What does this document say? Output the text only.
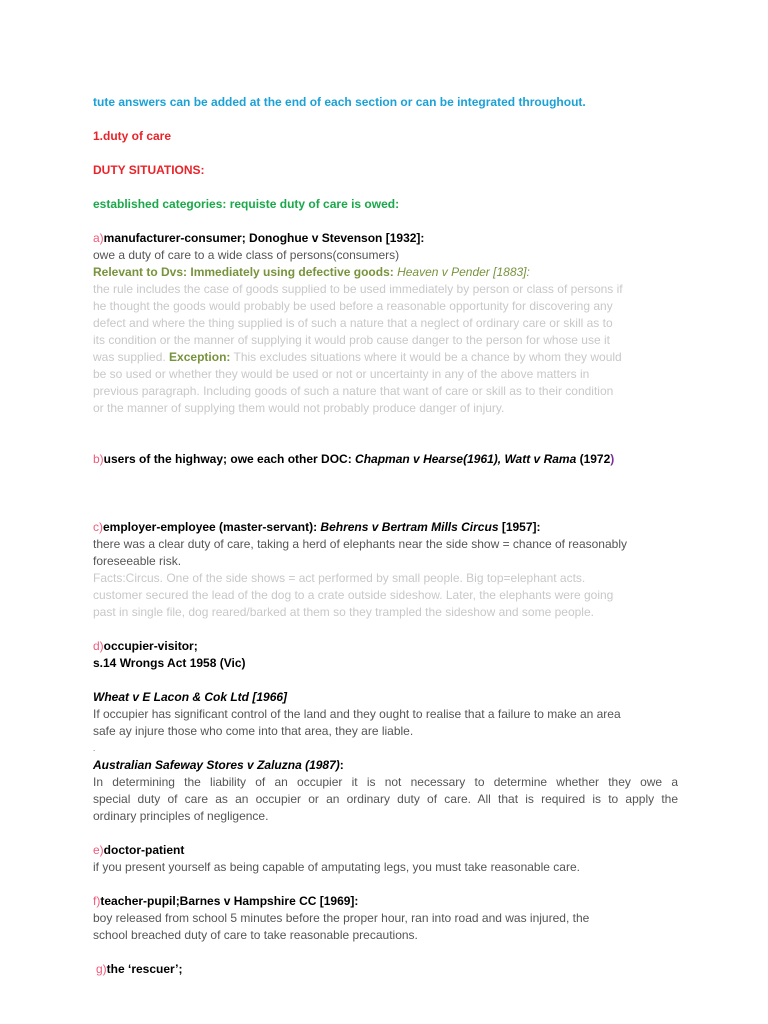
tute answers can be added at the end of each section or can be integrated throughout.
1.duty of care
DUTY SITUATIONS:
established categories: requiste duty of care is owed:
a)manufacturer-consumer; Donoghue v Stevenson [1932]:
owe a duty of care to a wide class of persons(consumers)
Relevant to Dvs: Immediately using defective goods: Heaven v Pender [1883]:
the rule includes the case of goods supplied to be used immediately by person or class of persons if
he thought the goods would probably be used before a reasonable opportunity for discovering any
defect and where the thing supplied is of such a nature that a neglect of ordinary care or skill as to
its condition or the manner of supplying it would prob cause danger to the person for whose use it
was supplied. Exception: This excludes situations where it would be a chance by whom they would
be so used or whether they would be used or not or uncertainty in any of the above matters in
previous paragraph. Including goods of such a nature that want of care or skill as to their condition
or the manner of supplying them would not probably produce danger of injury.
b)users of the highway; owe each other DOC: Chapman v Hearse(1961), Watt v Rama (1972)
c)employer-employee (master-servant): Behrens v Bertram Mills Circus [1957]:
there was a clear duty of care, taking a herd of elephants near the side show = chance of reasonably
foreseeable risk.
Facts:Circus. One of the side shows = act performed by small people. Big top=elephant acts.
customer secured the lead of the dog to a crate outside sideshow. Later, the elephants were going
past in single file, dog reared/barked at them so they trampled the sideshow and some people.
d)occupier-visitor;
s.14 Wrongs Act 1958 (Vic)
Wheat v E Lacon & Cok Ltd [1966]
If occupier has significant control of the land and they ought to realise that a failure to make an area
safe ay injure those who come into that area, they are liable.
.
Australian Safeway Stores v Zaluzna (1987):
In determining the liability of an occupier it is not necessary to determine whether they owe a
special duty of care as an occupier or an ordinary duty of care. All that is required is to apply the
ordinary principles of negligence.
e)doctor-patient
if you present yourself as being capable of amputating legs, you must take reasonable care.
f)teacher-pupil;Barnes v Hampshire CC [1969]:
boy released from school 5 minutes before the proper hour, ran into road and was injured, the
school breached duty of care to take reasonable precautions.
g)the ‘rescuer’;
